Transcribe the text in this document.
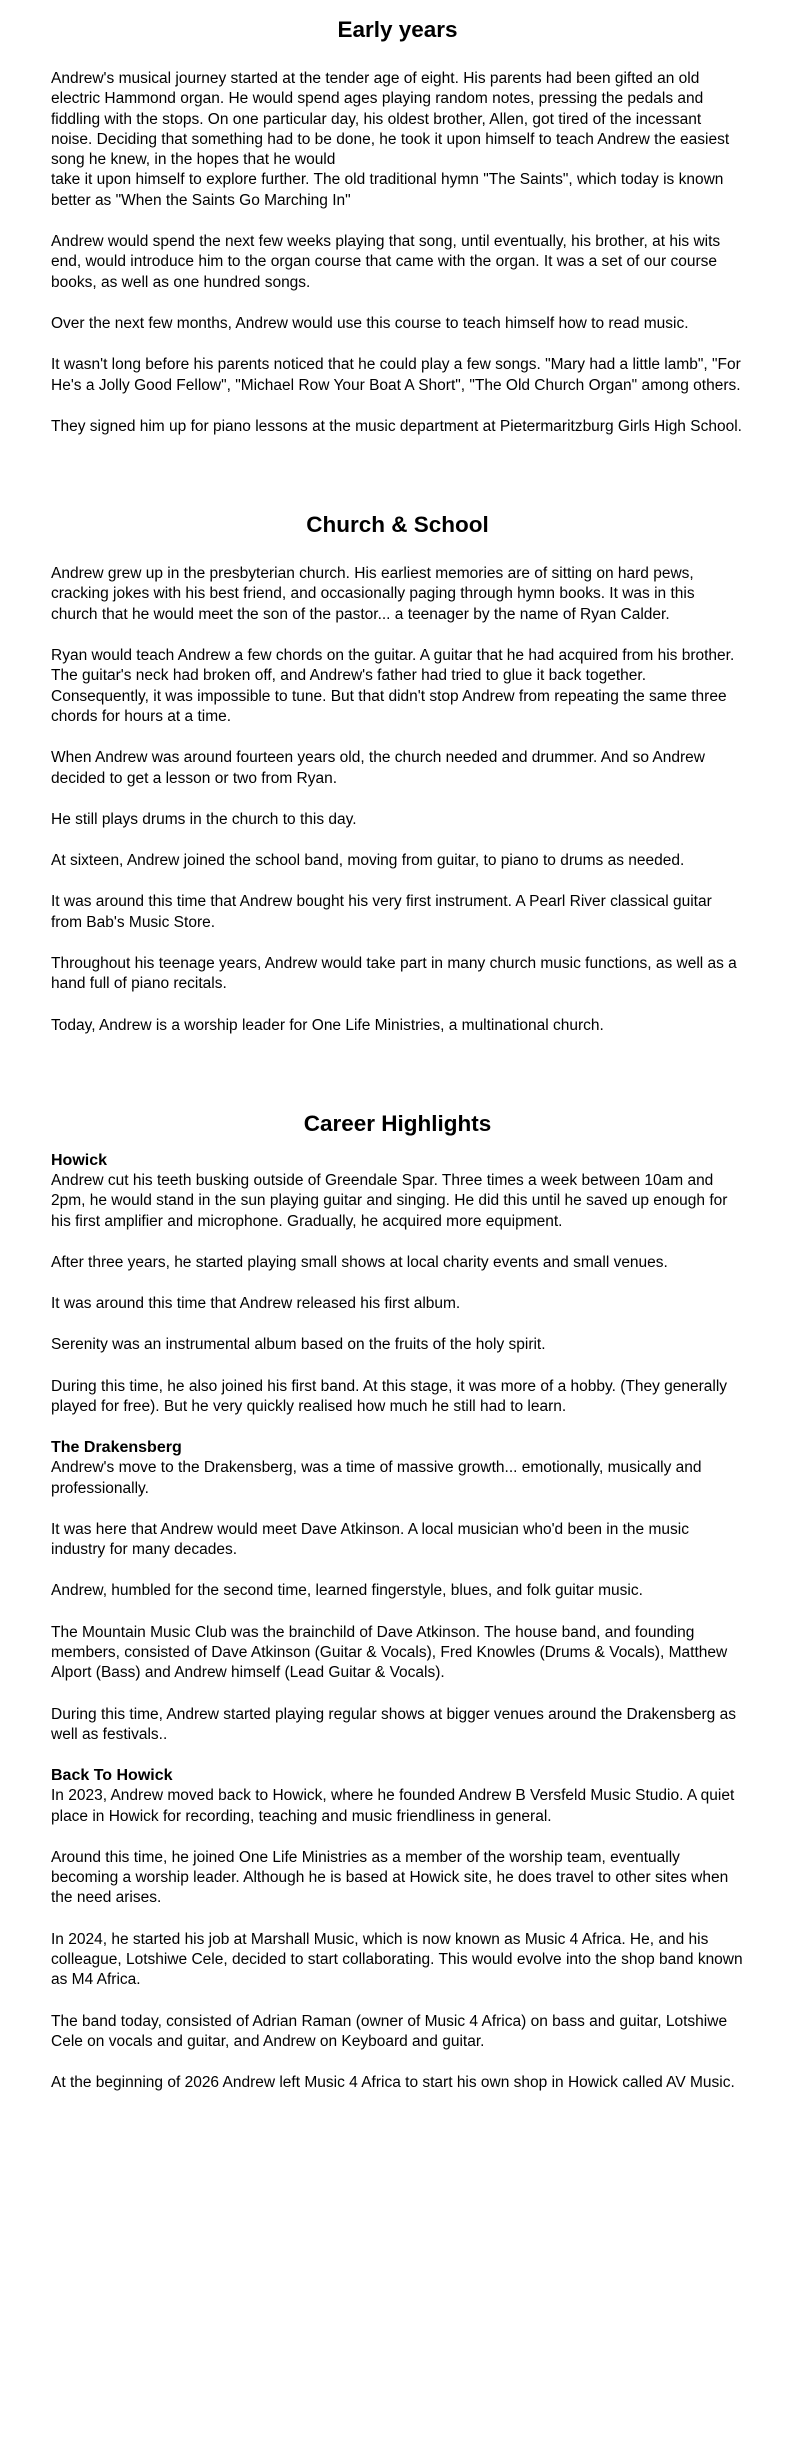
Early years

Andrew's musical journey started at the tender age of eight. His parents had been gifted an old electric Hammond organ. He would spend ages playing random notes, pressing the pedals and fiddling with the stops. On one particular day, his oldest brother, Allen, got tired of the incessant noise. Deciding that something had to be done, he took it upon himself to teach Andrew the easiest song he knew, in the hopes that he would

take it upon himself to explore further. The old traditional hymn "The Saints", which today is known better as "When the Saints Go Marching In"

Andrew would spend the next few weeks playing that song, until eventually, his brother, at his wits end, would introduce him to the organ course that came with the organ. It was a set of our course books, as well as one hundred songs.

Over the next few months, Andrew would use this course to teach himself how to read music.

It wasn't long before his parents noticed that he could play a few songs. "Mary had a little lamb", "For He's a Jolly Good Fellow", "Michael Row Your Boat A Short", "The Old Church Organ" among others.

They signed him up for piano lessons at the music department at Pietermaritzburg Girls High School.

Church & School

Andrew grew up in the presbyterian church. His earliest memories are of sitting on hard pews, cracking jokes with his best friend, and occasionally paging through hymn books. It was in this church that he would meet the son of the pastor... a teenager by the name of Ryan Calder.

Ryan would teach Andrew a few chords on the guitar. A guitar that he had acquired from his brother. The guitar's neck had broken off, and Andrew's father had tried to glue it back together. Consequently, it was impossible to tune. But that didn't stop Andrew from repeating the same three chords for hours at a time.

When Andrew was around fourteen years old, the church needed and drummer. And so Andrew decided to get a lesson or two from Ryan.

He still plays drums in the church to this day.

At sixteen, Andrew joined the school band, moving from guitar, to piano to drums as needed.

It was around this time that Andrew bought his very first instrument. A Pearl River classical guitar from Bab's Music Store.

Throughout his teenage years, Andrew would take part in many church music functions, as well as a hand full of piano recitals.

Today, Andrew is a worship leader for One Life Ministries, a multinational church.

Career Highlights
Howick

Andrew cut his teeth busking outside of Greendale Spar. Three times a week between 10am and 2pm, he would stand in the sun playing guitar and singing. He did this until he saved up enough for his first amplifier and microphone. Gradually, he acquired more equipment.

After three years, he started playing small shows at local charity events and small venues.

It was around this time that Andrew released his first album.

Serenity was an instrumental album based on the fruits of the holy spirit.

During this time, he also joined his first band. At this stage, it was more of a hobby. (They generally played for free). But he very quickly realised how much he still had to learn.

The Drakensberg

Andrew's move to the Drakensberg, was a time of massive growth... emotionally, musically and professionally.

It was here that Andrew would meet Dave Atkinson. A local musician who'd been in the music industry for many decades.

Andrew, humbled for the second time, learned fingerstyle, blues, and folk guitar music.

The Mountain Music Club was the brainchild of Dave Atkinson. The house band, and founding members, consisted of Dave Atkinson (Guitar & Vocals), Fred Knowles (Drums & Vocals), Matthew Alport (Bass) and Andrew himself (Lead Guitar & Vocals).

During this time, Andrew started playing regular shows at bigger venues around the Drakensberg as well as festivals..

Back To Howick

In 2023, Andrew moved back to Howick, where he founded Andrew B Versfeld Music Studio. A quiet place in Howick for recording, teaching and music friendliness in general.

Around this time, he joined One Life Ministries as a member of the worship team, eventually becoming a worship leader. Although he is based at Howick site, he does travel to other sites when the need arises.

In 2024, he started his job at Marshall Music, which is now known as Music 4 Africa. He, and his colleague, Lotshiwe Cele, decided to start collaborating. This would evolve into the shop band known as M4 Africa.

The band today, consisted of Adrian Raman (owner of Music 4 Africa) on bass and guitar, Lotshiwe Cele on vocals and guitar, and Andrew on Keyboard and guitar.

At the beginning of 2026 Andrew left Music 4 Africa to start his own shop in Howick called AV Music.
